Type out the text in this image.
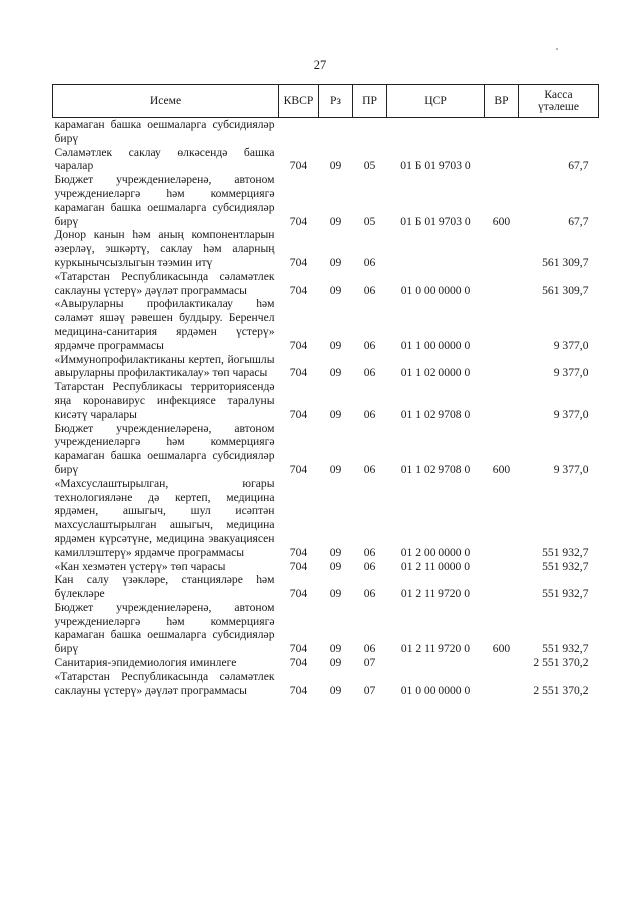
27
Исеме	КВСР	Рз	ПР	ЦСР	ВР	Касса
үтәлеше
карамаган башка оешмаларга субсидияләр бирү						
Сәламәтлек саклау өлкәсендә башка чаралар	704	09	05	01 Б 01 9703 0		67,7
Бюджет учреждениеләренә, автоном учреждениеләргә һәм коммерциягә карамаган башка оешмаларга субсидияләр бирү	704	09	05	01 Б 01 9703 0	600	67,7
Донор канын һәм аның компонентларын әзерләү, эшкәртү, саклау һәм аларның куркынычсызлыгын тәэмин итү	704	09	06			561 309,7
«Татарстан Республикасында сәламәтлек саклауны үстерү» дәүләт программасы	704	09	06	01 0 00 0000 0		561 309,7
«Авыруларны профилактикалау һәм сәламәт яшәү рәвешен булдыру. Беренчел медицина-санитария ярдәмен үстерү» ярдәмче программасы	704	09	06	01 1 00 0000 0		9 377,0
«Иммунопрофилактиканы кертеп, йогышлы авыруларны профилактикалау» төп чарасы	704	09	06	01 1 02 0000 0		9 377,0
Татарстан Республикасы территориясендә яңа коронавирус инфекциясе таралуны кисәтү чаралары	704	09	06	01 1 02 9708 0		9 377,0
Бюджет учреждениеләренә, автоном учреждениеләргә һәм коммерциягә карамаган башка оешмаларга субсидияләр бирү	704	09	06	01 1 02 9708 0	600	9 377,0
«Махсуслаштырылган, югары технологияләне дә кертеп, медицина ярдәмен, ашыгыч, шул исәптән махсуслаштырылган ашыгыч, медицина ярдәмен күрсәтүне, медицина эвакуациясен камиллэштерү» ярдәмче программасы	704	09	06	01 2 00 0000 0		551 932,7
«Кан хезмәтен үстерү» төп чарасы	704	09	06	01 2 11 0000 0		551 932,7
Кан салу үзәкләре, станцияләре һәм бүлекләре	704	09	06	01 2 11 9720 0		551 932,7
Бюджет учреждениеләренә, автоном учреждениеләргә һәм коммерциягә карамаган башка оешмаларга субсидияләр бирү	704	09	06	01 2 11 9720 0	600	551 932,7
Санитария-эпидемиология иминлеге	704	09	07			2 551 370,2
«Татарстан Республикасында сәламәтлек саклауны үстерү» дәүләт программасы	704	09	07	01 0 00 0000 0		2 551 370,2
